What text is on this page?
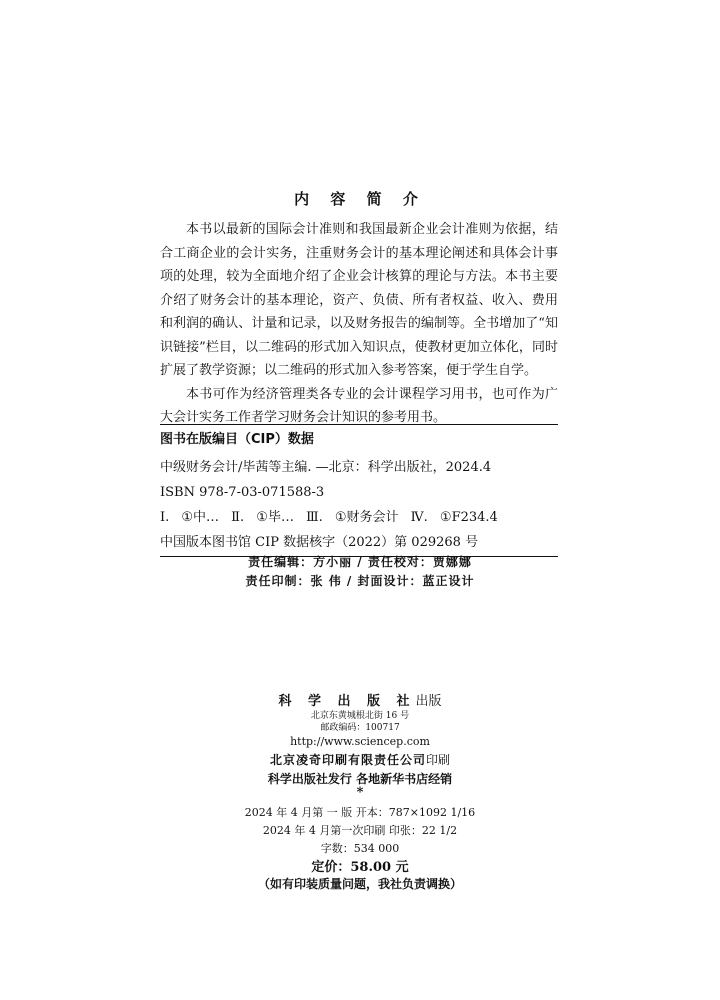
内 容 简 介

本书以最新的国际会计准则和我国最新企业会计准则为依据，结合工商企业的会计实务，注重财务会计的基本理论阐述和具体会计事项的处理，较为全面地介绍了企业会计核算的理论与方法。本书主要介绍了财务会计的基本理论，资产、负债、所有者权益、收入、费用和利润的确认、计量和记录，以及财务报告的编制等。全书增加了“知识链接”栏目，以二维码的形式加入知识点，使教材更加立体化，同时扩展了教学资源；以二维码的形式加入参考答案，便于学生自学。

本书可作为经济管理类各专业的会计课程学习用书，也可作为广大会计实务工作者学习财务会计知识的参考用书。

图书在版编目（CIP）数据
中级财务会计/毕茜等主编. —北京：科学出版社，2024.4
ISBN 978-7-03-071588-3
Ⅰ. ①中… Ⅱ. ①毕… Ⅲ. ①财务会计 Ⅳ. ①F234.4
中国版本图书馆 CIP 数据核字（2022）第 029268 号
责任编辑：方小丽 / 责任校对：贾娜娜
责任印制：张 伟 / 封面设计：蓝正设计
科 学 出 版 社出版
北京东黄城根北街 16 号
邮政编码：100717
http://www.sciencep.com
北京凌奇印刷有限责任公司印刷
科学出版社发行 各地新华书店经销
*
2024 年 4 月第 一 版 开本：787×1092 1/16
2024 年 4 月第一次印刷 印张：22 1/2
字数：534 000
定价：58.00 元
（如有印装质量问题，我社负责调换）
